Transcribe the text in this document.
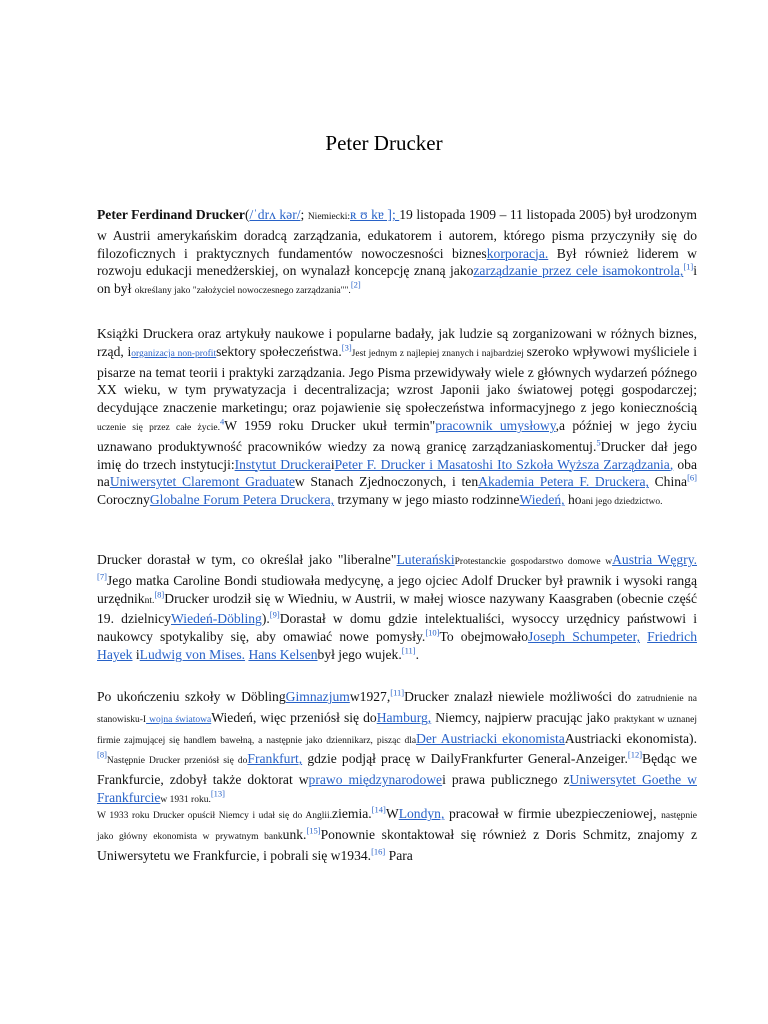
Peter Drucker

Peter Ferdinand Drucker(/ˈdrʌ kər/; Niemiecki:ʀ ʊ kɐ ]; 19 listopada 1909 – 11 listopada 2005) był urodzonym w Austrii amerykańskim doradcą zarządzania, edukatorem i autorem, którego pisma przyczyniły się do filozoficznych i praktycznych fundamentów nowoczesności bizneskorporacja. Był również liderem w rozwoju edukacji menedżerskiej, on wynalazł koncepcję znaną jakozarządzanie przez cele isamokontrola,[1]i on był określany jako "założyciel nowoczesnego zarządzania"".[2]

Książki Druckera oraz artykuły naukowe i popularne badały, jak ludzie są zorganizowani w różnych biznes, rząd, iorganizacja non-profitsektory społeczeństwa.[3]Jest jednym z najlepiej znanych i najbardziej szeroko wpływowi myśliciele i pisarze na temat teorii i praktyki zarządzania. Jego Pisma przewidywały wiele z głównych wydarzeń późnego XX wieku, w tym prywatyzacja i decentralizacja; wzrost Japonii jako światowej potęgi gospodarczej; decydujące znaczenie marketingu; oraz pojawienie się społeczeństwa informacyjnego z jego koniecznością uczenie się przez całe życie.$^4$W 1959 roku Drucker ukuł termin"pracownik umysłowy,a później w jego życiu uznawano produktywność pracowników wiedzy za nową granicę zarządzaniaskomentuj.$^5$Drucker dał jego imię do trzech instytucji:Instytut DruckeraiPeter F. Drucker i Masatoshi Ito Szkoła Wyższa Zarządzania, oba naUniwersytet Claremont Graduatew Stanach Zjednoczonych, i tenAkademia Petera F. Druckera, China[6] CorocznyGlobalne Forum Petera Druckera, trzymany w jego miasto rodzinneWiedeń, hoani jego dziedzictwo.

Drucker dorastał w tym, co określał jako "liberalne"LuterańskiProtestanckie gospodarstwo domowe wAustria Węgry.[7]Jego matka Caroline Bondi studiowała medycynę, a jego ojciec Adolf Drucker był prawnik i wysoki rangą urzędniknt.[8]Drucker urodził się w Wiedniu, w Austrii, w małej wiosce nazywany Kaasgraben (obecnie część 19. dzielnicyWiedeń-Döbling).[9]Dorastał w domu gdzie intelektualiści, wysoccy urzędnicy państwowi i naukowcy spotykaliby się, aby omawiać nowe pomysły.[10]To obejmowałoJoseph Schumpeter, Friedrich Hayek iLudwig von Mises. Hans Kelsenbył jego wujek.[11].

Po ukończeniu szkoły w DöblingGimnazjumw1927,[11]Drucker znalazł niewiele możliwości do zatrudnienie na stanowisku-I wojna światowaWiedeń, więc przeniósł się doHamburg, Niemcy, najpierw pracując jako praktykant w uznanej firmie zajmującej się handlem bawełną, a następnie jako dziennikarz, pisząc dlaDer Austriacki ekonomistaAustriacki ekonomista).[8]Następnie Drucker przeniósł się doFrankfurt, gdzie podjął pracę w DailyFrankfurter General-Anzeiger.[12]Będąc we Frankfurcie, zdobył także doktorat wprawo międzynarodowei prawa publicznego zUniwersytet Goethe w Frankfurciew 1931 roku.[13]

W 1933 roku Drucker opuścił Niemcy i udał się do Anglii.ziemia.[14]WLondyn, pracował w firmie ubezpieczeniowej, następnie jako główny ekonomista w prywatnym bankunk.[15]Ponownie skontaktował się również z Doris Schmitz, znajomy z Uniwersytetu we Frankfurcie, i pobrali się w1934.[16] Para
